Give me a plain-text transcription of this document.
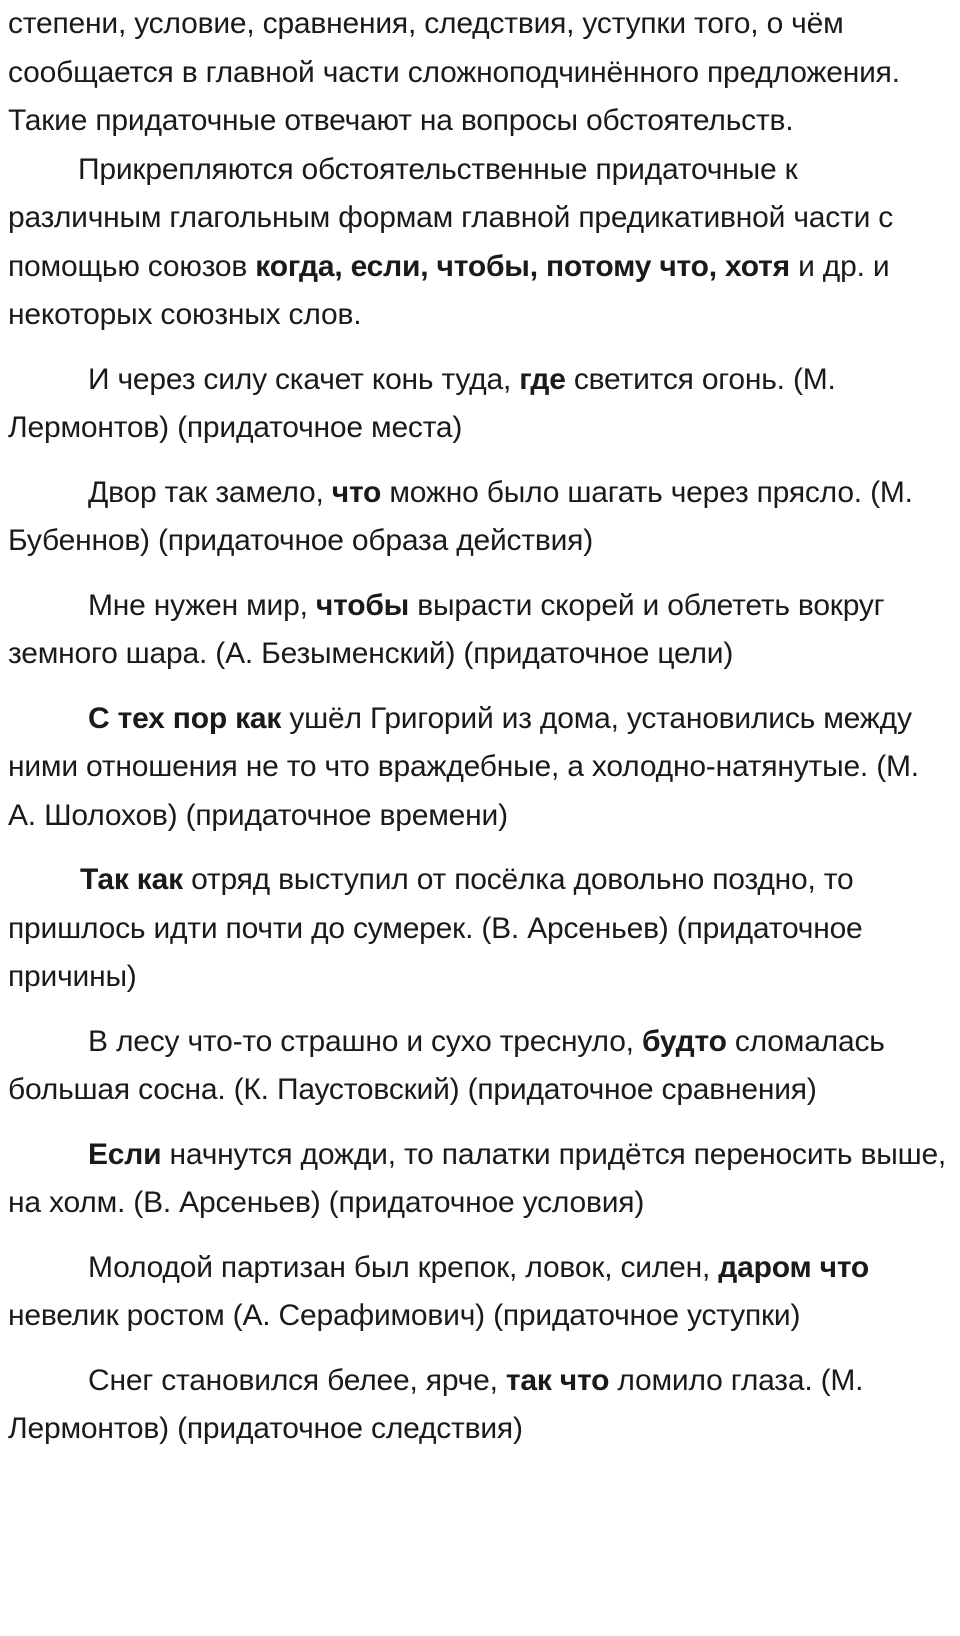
степени, условие, сравнения, следствия, уступки того, о чём сообщается в главной части сложноподчинённого предложения. Такие придаточные отвечают на вопросы обстоятельств.

Прикрепляются обстоятельственные придаточные к различным глагольным формам главной предикативной части с помощью союзов когда, если, чтобы, потому что, хотя и др. и некоторых союзных слов.

И через силу скачет конь туда, где светится огонь. (М. Лермонтов) (придаточное места)

Двор так замело, что можно было шагать через прясло. (М. Бубеннов) (придаточное образа действия)

Мне нужен мир, чтобы вырасти скорей и облететь вокруг земного шара. (А. Безыменский) (придаточное цели)

С тех пор как ушёл Григорий из дома, установились между ними отношения не то что враждебные, а холодно-натянутые. (М. А. Шолохов) (придаточное времени)

Так как отряд выступил от посёлка довольно поздно, то пришлось идти почти до сумерек. (В. Арсеньев) (придаточное причины)

В лесу что-то страшно и сухо треснуло, будто сломалась большая сосна. (К. Паустовский) (придаточное сравнения)

Если начнутся дожди, то палатки придётся переносить выше, на холм. (В. Арсеньев) (придаточное условия)

Молодой партизан был крепок, ловок, силен, даром что невелик ростом (А. Серафимович) (придаточное уступки)

Снег становился белее, ярче, так что ломило глаза. (М. Лермонтов) (придаточное следствия)
